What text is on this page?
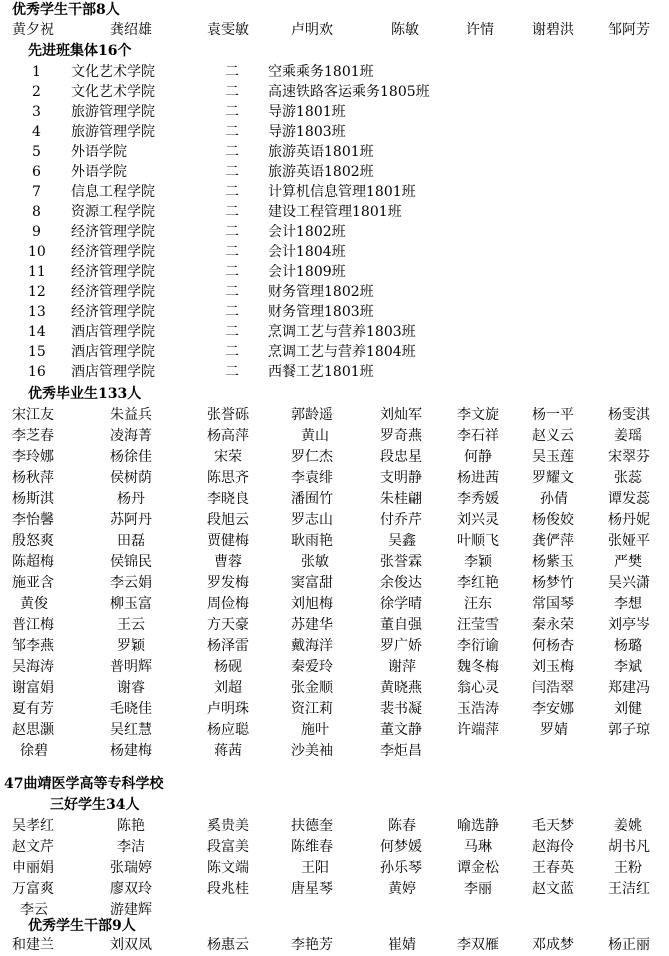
优秀学生干部8人
黄夕祝	龚绍雄	袁雯敏	卢明欢	陈敏	许情	谢碧洪 邹阿芳
先进班集体16个
1 文化艺术学院	二 空乘乘务1801班
2 文化艺术学院	二 高速铁路客运乘务1805班
3 旅游管理学院	二 导游1801班
4 旅游管理学院	二 导游1803班
5 外语学院	二 旅游英语1801班
6 外语学院	二 旅游英语1802班
7 信息工程学院	二 计算机信息管理1801班
8 资源工程学院	二 建设工程管理1801班
9 经济管理学院	二 会计1802班
10 经济管理学院	二 会计1804班
11 经济管理学院	二 会计1809班
12 经济管理学院	二 财务管理1802班
13 经济管理学院	二 财务管理1803班
14 酒店管理学院	二 烹调工艺与营养1803班
15 酒店管理学院	二 烹调工艺与营养1804班
16 酒店管理学院	二 西餐工艺1801班
优秀毕业生133人
宋江友	朱益兵	张誉砾	郭龄遥	刘灿军	李文旋 杨一平 杨雯淇
李芝春	凌海菁	杨高萍	黄山	罗奇燕	李石祥 赵义云	姜瑶
李玲娜	杨徐佳	宋荣	罗仁杰	段忠星	何静	吴玉莲 宋翠芬
杨秋萍	侯树荫	陈思齐	李袁绯	支明静	杨进茜 罗耀文	张蕊
杨斯淇	杨丹	李晓良	潘囿竹	朱桂翩	李秀媛	孙倩	谭发蕊
李怡馨	苏阿丹	段旭云	罗志山	付乔芹	刘兴灵 杨俊姣 杨丹妮
殷怒爽	田磊	贾健梅	耿雨艳	吴鑫	叶顺飞 龚俨萍 张娅平
陈超梅	侯锦民	曹蓉	张敏	张誉霖	李颖	杨紫玉	严樊
施亚含	李云娟	罗发梅	窦富甜	余俊达	李红艳 杨梦竹 吴兴潇
黄俊	柳玉富	周俭梅	刘旭梅	徐学晴	汪东	常国琴	李想
普江梅	王云	方天豪	苏建华	董自强	汪莹雪 秦永荣 刘亭岑
邹李燕	罗颖	杨泽雷	戴海洋	罗广娇	李衍谕 何杨杏	杨璐
吴海涛	普明辉	杨砚	秦爱玲	谢萍	魏冬梅 刘玉梅	李斌
谢富娟	谢睿	刘超	张金顺	黄晓燕	翁心灵 闫浩翠 郑建冯
夏有芳	毛晓佳	卢明珠	资江莉	裴书凝	玉浩涛 李安娜	刘健
赵思灏	吴红慧	杨应聪	施叶	董文静	许端萍	罗婧	郭子琼
徐碧	杨建梅	蒋茜	沙美袖	李炬昌
47曲靖医学高等专科学校
三好学生34人
吴孝红	陈艳	奚贵美	扶德奎	陈春	喻选静 毛天梦	姜姚
赵文芹	李洁	段富美	陈维春	何梦媛	马琳	赵海伶 胡书凡
申丽娟	张瑞婷	陈文端	王阳	孙乐琴	谭金松 王春英	王粉
万富爽	廖双玲	段兆桂	唐星琴	黄婷	李丽	赵文蓝 王洁红
李云	游建辉
优秀学生干部9人
和建兰	刘双凤	杨惠云	李艳芳	崔婧	李双雁 邓成梦 杨正丽
